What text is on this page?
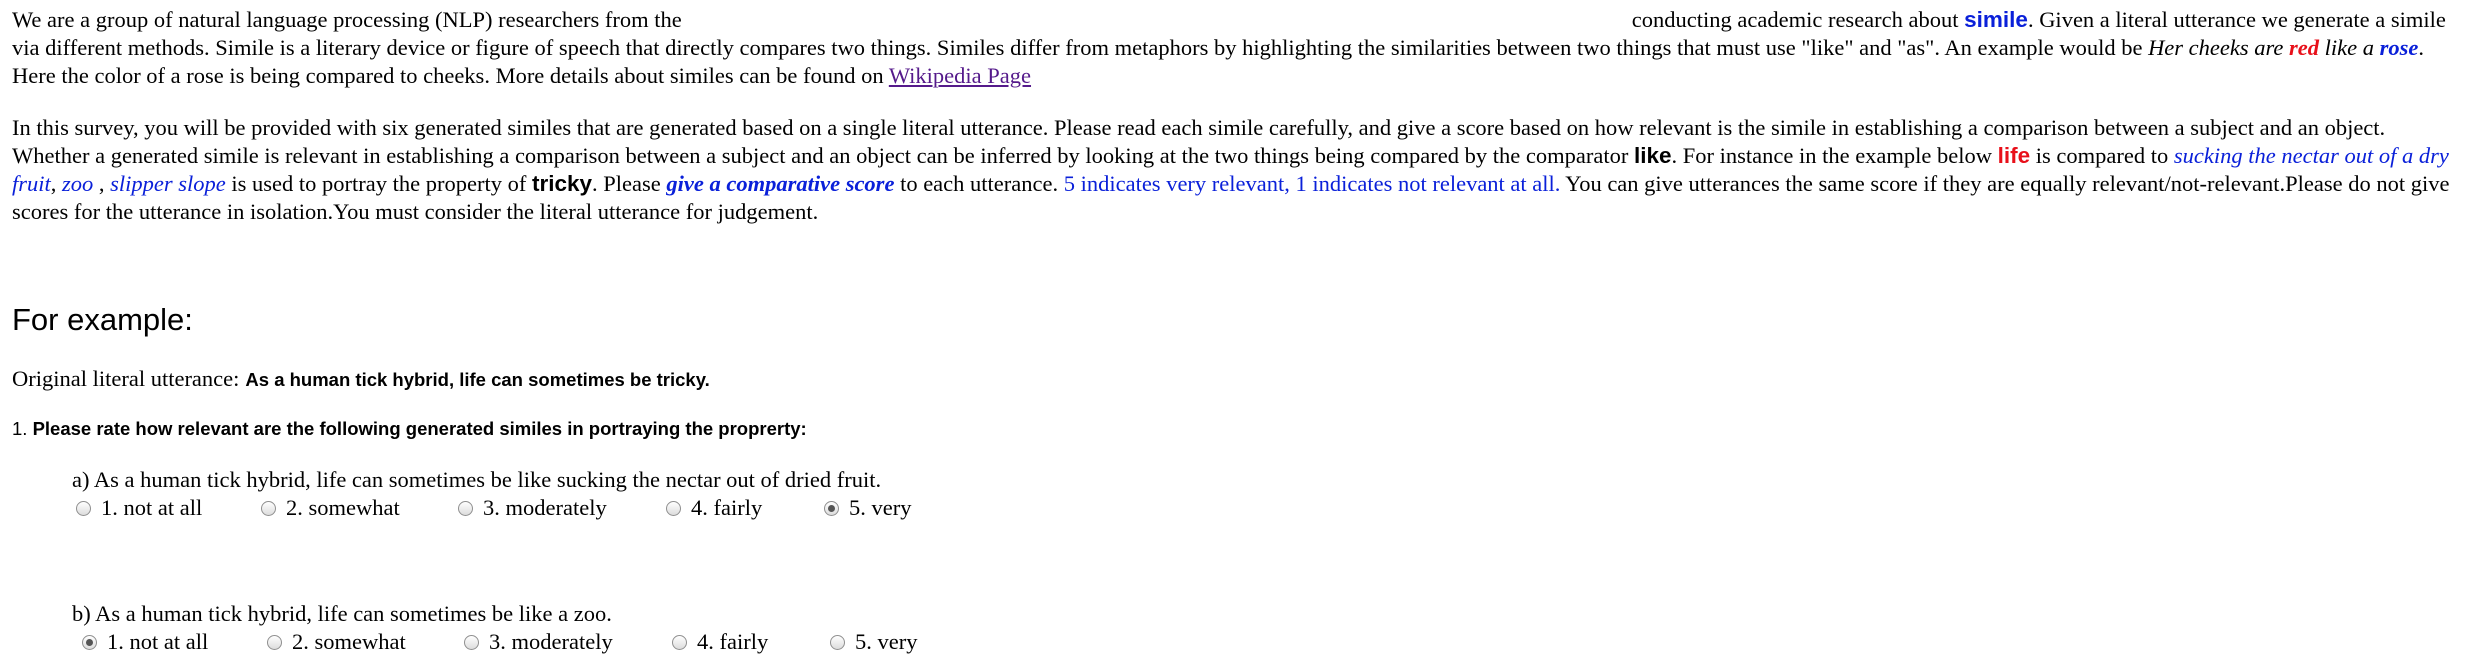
We are a group of natural language processing (NLP) researchers from the	conducting academic research about simile. Given a literal utterance we generate a simile via different methods. Simile is a literary device or figure of speech that directly compares two things. Similes differ from metaphors by highlighting the similarities between two things that must use "like" and "as". An example would be Her cheeks are red like a rose. Here the color of a rose is being compared to cheeks. More details about similes can be found on Wikipedia Page

In this survey, you will be provided with six generated similes that are generated based on a single literal utterance. Please read each simile carefully, and give a score based on how relevant is the simile in establishing a comparison between a subject and an object. Whether a generated simile is relevant in establishing a comparison between a subject and an object can be inferred by looking at the two things being compared by the comparator like. For instance in the example below life is compared to sucking the nectar out of a dry fruit, zoo , slipper slope is used to portray the property of tricky. Please give a comparative score to each utterance. 5 indicates very relevant, 1 indicates not relevant at all. You can give utterances the same score if they are equally relevant/not-relevant.Please do not give scores for the utterance in isolation.You must consider the literal utterance for judgement.

For example:
Original literal utterance: As a human tick hybrid, life can sometimes be tricky.
1. Please rate how relevant are the following generated similes in portraying the proprerty:
a) As a human tick hybrid, life can sometimes be like sucking the nectar out of dried fruit.
1. not at all	2. somewhat	3. moderately	4. fairly	5. very
b) As a human tick hybrid, life can sometimes be like a zoo.
1. not at all	2. somewhat	3. moderately	4. fairly	5. very
